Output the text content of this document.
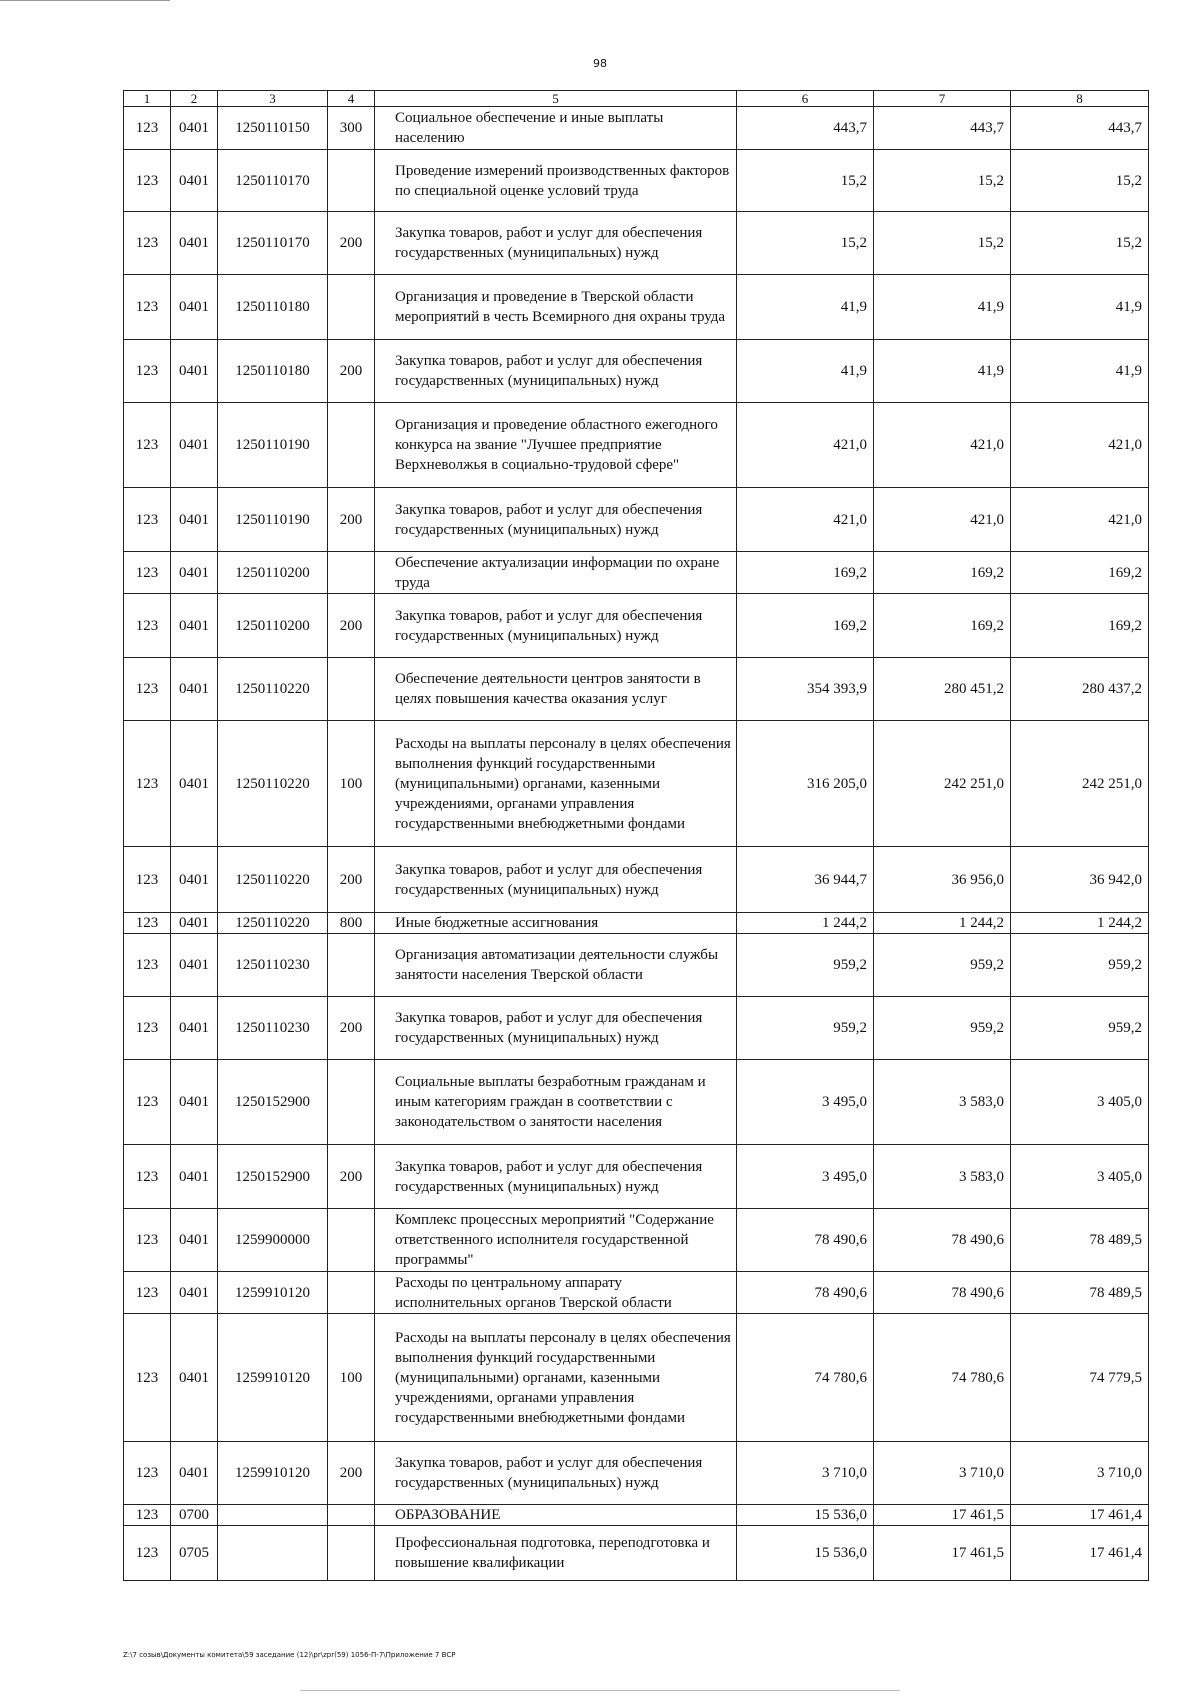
98
1	2	3	4	5	6	7	8
123	0401	1250110150	300	Социальное обеспечение и иные выплаты населению	443,7	443,7	443,7
123	0401	1250110170		Проведение измерений производственных факторов по специальной оценке условий труда	15,2	15,2	15,2
123	0401	1250110170	200	Закупка товаров, работ и услуг для обеспечения государственных (муниципальных) нужд	15,2	15,2	15,2
123	0401	1250110180		Организация и проведение в Тверской области мероприятий в честь Всемирного дня охраны труда	41,9	41,9	41,9
123	0401	1250110180	200	Закупка товаров, работ и услуг для обеспечения государственных (муниципальных) нужд	41,9	41,9	41,9
123	0401	1250110190		Организация и проведение областного ежегодного конкурса на звание "Лучшее предприятие Верхневолжья в социально-трудовой сфере"	421,0	421,0	421,0
123	0401	1250110190	200	Закупка товаров, работ и услуг для обеспечения государственных (муниципальных) нужд	421,0	421,0	421,0
123	0401	1250110200		Обеспечение актуализации информации по охране труда	169,2	169,2	169,2
123	0401	1250110200	200	Закупка товаров, работ и услуг для обеспечения государственных (муниципальных) нужд	169,2	169,2	169,2
123	0401	1250110220		Обеспечение деятельности центров занятости в целях повышения качества оказания услуг	354 393,9	280 451,2	280 437,2
123	0401	1250110220	100	Расходы на выплаты персоналу в целях обеспечения выполнения функций государственными (муниципальными) органами, казенными учреждениями, органами управления государственными внебюджетными фондами	316 205,0	242 251,0	242 251,0
123	0401	1250110220	200	Закупка товаров, работ и услуг для обеспечения государственных (муниципальных) нужд	36 944,7	36 956,0	36 942,0
123	0401	1250110220	800	Иные бюджетные ассигнования	1 244,2	1 244,2	1 244,2
123	0401	1250110230		Организация автоматизации деятельности службы занятости населения Тверской области	959,2	959,2	959,2
123	0401	1250110230	200	Закупка товаров, работ и услуг для обеспечения государственных (муниципальных) нужд	959,2	959,2	959,2
123	0401	1250152900		Социальные выплаты безработным гражданам и иным категориям граждан в соответствии с законодательством о занятости населения	3 495,0	3 583,0	3 405,0
123	0401	1250152900	200	Закупка товаров, работ и услуг для обеспечения государственных (муниципальных) нужд	3 495,0	3 583,0	3 405,0
123	0401	1259900000		Комплекс процессных мероприятий "Содержание ответственного исполнителя государственной программы"	78 490,6	78 490,6	78 489,5
123	0401	1259910120		Расходы по центральному аппарату исполнительных органов Тверской области	78 490,6	78 490,6	78 489,5
123	0401	1259910120	100	Расходы на выплаты персоналу в целях обеспечения выполнения функций государственными (муниципальными) органами, казенными учреждениями, органами управления государственными внебюджетными фондами	74 780,6	74 780,6	74 779,5
123	0401	1259910120	200	Закупка товаров, работ и услуг для обеспечения государственных (муниципальных) нужд	3 710,0	3 710,0	3 710,0
123	0700			ОБРАЗОВАНИЕ	15 536,0	17 461,5	17 461,4
123	0705			Профессиональная подготовка, переподготовка и повышение квалификации	15 536,0	17 461,5	17 461,4
Z:\7 созыв\Документы комитета\59 заседание (12)\pr\zpr(59) 1056-П-7\Приложение 7 ВСР
